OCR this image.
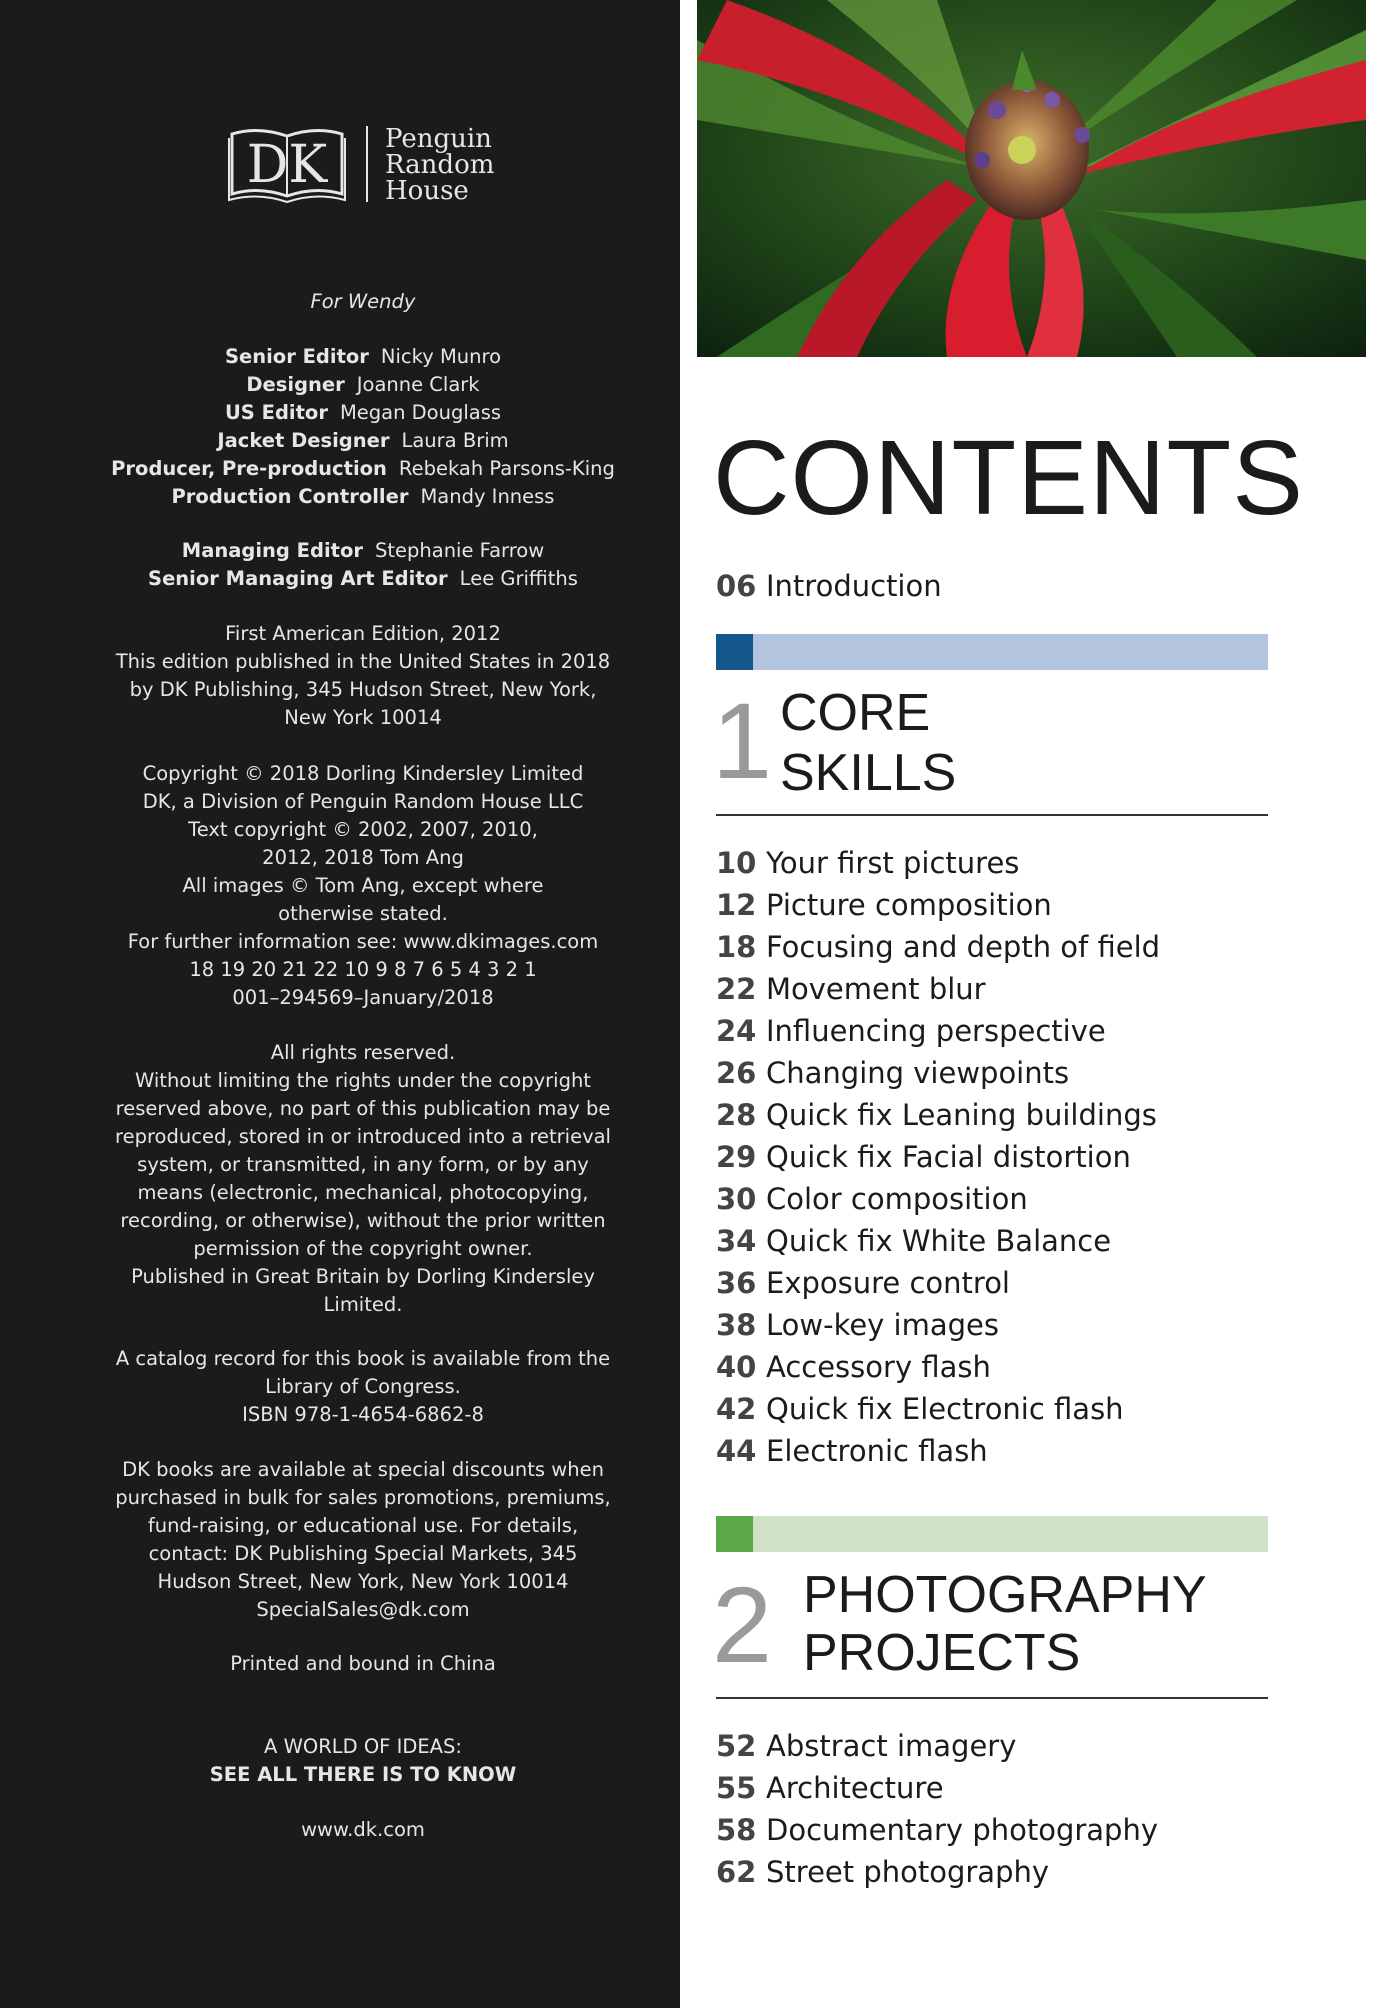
DK Penguin
Random
House
For Wendy
Senior Editor Nicky Munro
Designer Joanne Clark
US Editor Megan Douglass
Jacket Designer Laura Brim
Producer, Pre-production Rebekah Parsons-King
Production Controller Mandy Inness
Managing Editor Stephanie Farrow
Senior Managing Art Editor Lee Griffiths
First American Edition, 2012
This edition published in the United States in 2018
by DK Publishing, 345 Hudson Street, New York,
New York 10014
Copyright © 2018 Dorling Kindersley Limited
DK, a Division of Penguin Random House LLC
Text copyright © 2002, 2007, 2010,
2012, 2018 Tom Ang
All images © Tom Ang, except where
otherwise stated.
For further information see: www.dkimages.com
18 19 20 21 22 10 9 8 7 6 5 4 3 2 1
001–294569–January/2018
All rights reserved.
Without limiting the rights under the copyright
reserved above, no part of this publication may be
reproduced, stored in or introduced into a retrieval
system, or transmitted, in any form, or by any
means (electronic, mechanical, photocopying,
recording, or otherwise), without the prior written
permission of the copyright owner.
Published in Great Britain by Dorling Kindersley
Limited.
A catalog record for this book is available from the
Library of Congress.
ISBN 978-1-4654-6862-8
DK books are available at special discounts when
purchased in bulk for sales promotions, premiums,
fund-raising, or educational use. For details,
contact: DK Publishing Special Markets, 345
Hudson Street, New York, New York 10014
SpecialSales@dk.com
Printed and bound in China
A WORLD OF IDEAS:
SEE ALL THERE IS TO KNOW
www.dk.com
CONTENTS
06 Introduction
1 CORE
SKILLS
10 Your first pictures
12 Picture composition
18 Focusing and depth of field
22 Movement blur
24 Influencing perspective
26 Changing viewpoints
28 Quick fix Leaning buildings
29 Quick fix Facial distortion
30 Color composition
34 Quick fix White Balance
36 Exposure control
38 Low-key images
40 Accessory flash
42 Quick fix Electronic flash
44 Electronic flash
2 PHOTOGRAPHY
PROJECTS
52 Abstract imagery
55 Architecture
58 Documentary photography
62 Street photography
